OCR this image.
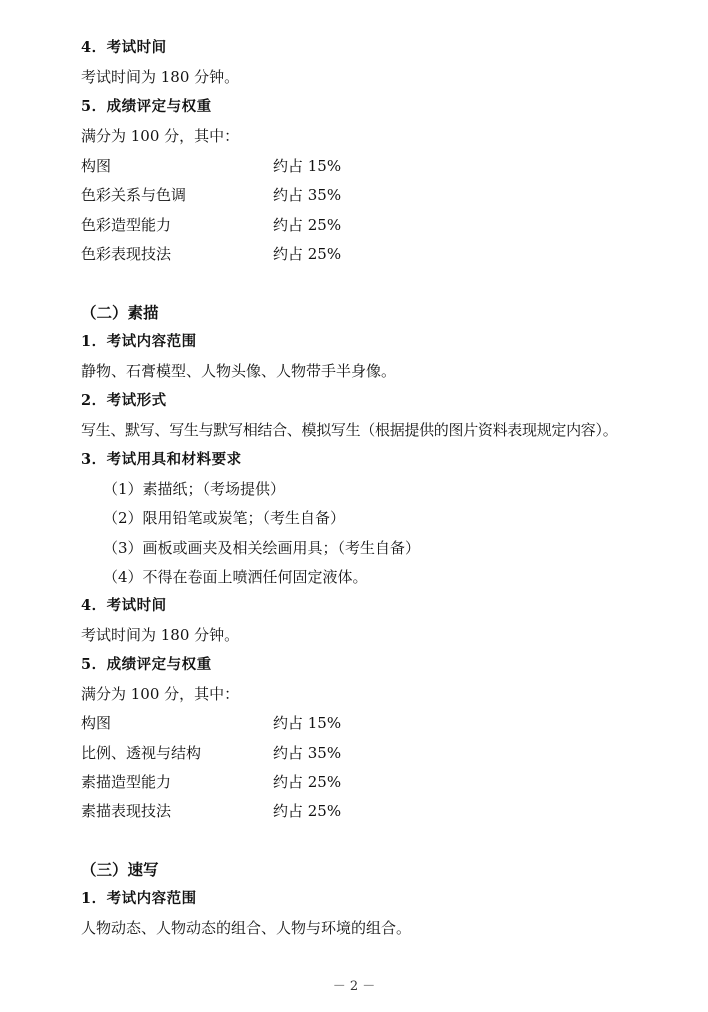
4．考试时间
考试时间为 180 分钟。
5．成绩评定与权重
满分为 100 分，其中：
构图	约占 15%
色彩关系与色调	约占 35%
色彩造型能力	约占 25%
色彩表现技法	约占 25%
（二）素描
1．考试内容范围
静物、石膏模型、人物头像、人物带手半身像。
2．考试形式
写生、默写、写生与默写相结合、模拟写生（根据提供的图片资料表现规定内容）。
3．考试用具和材料要求
（1）素描纸；（考场提供）
（2）限用铅笔或炭笔；（考生自备）
（3）画板或画夹及相关绘画用具；（考生自备）
（4）不得在卷面上喷洒任何固定液体。
4．考试时间
考试时间为 180 分钟。
5．成绩评定与权重
满分为 100 分，其中：
构图	约占 15%
比例、透视与结构	约占 35%
素描造型能力	约占 25%
素描表现技法	约占 25%
（三）速写
1．考试内容范围
人物动态、人物动态的组合、人物与环境的组合。
－ 2 －
